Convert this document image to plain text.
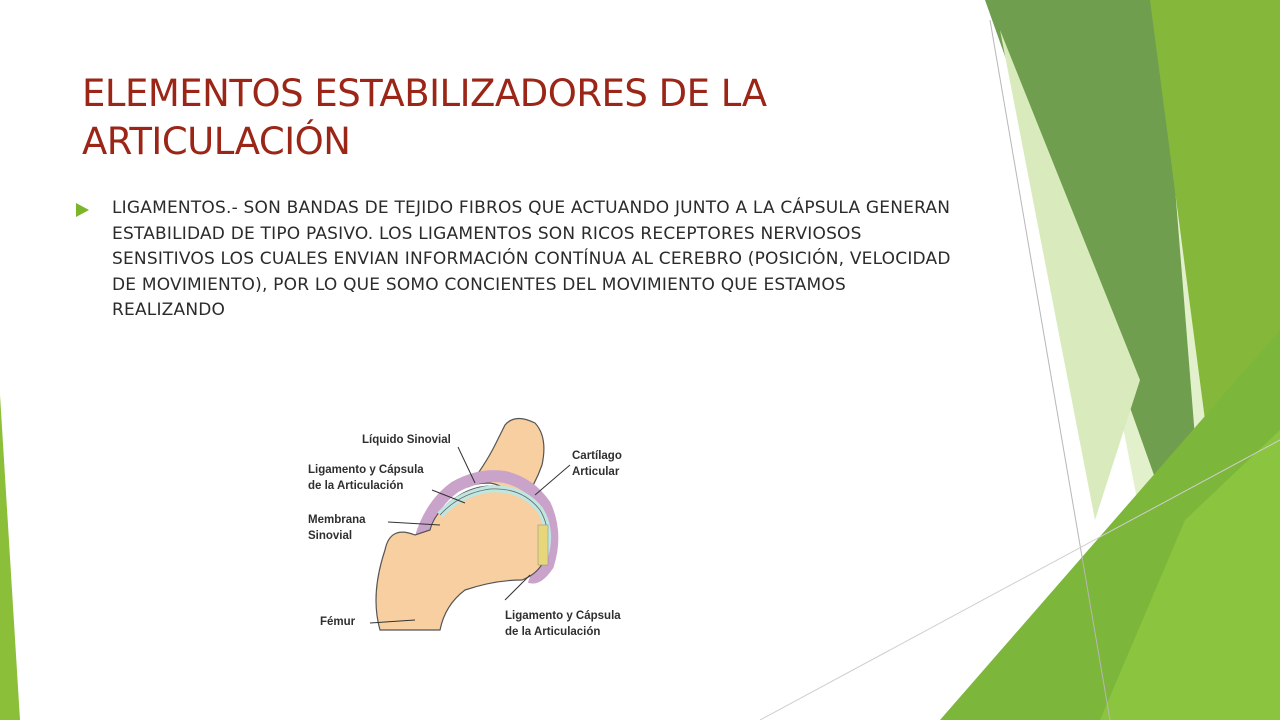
ELEMENTOS ESTABILIZADORES DE LA ARTICULACIÓN
LIGAMENTOS.- SON BANDAS DE TEJIDO FIBROS QUE ACTUANDO JUNTO A LA CÁPSULA GENERAN ESTABILIDAD DE TIPO PASIVO. LOS LIGAMENTOS SON RICOS RECEPTORES NERVIOSOS SENSITIVOS LOS CUALES ENVIAN INFORMACIÓN CONTÍNUA AL CEREBRO (POSICIÓN, VELOCIDAD DE MOVIMIENTO), POR LO QUE SOMO CONCIENTES DEL MOVIMIENTO QUE ESTAMOS REALIZANDO
Líquido Sinovial
Cartílago
Articular
Ligamento y Cápsula
de la Articulación
Membrana
Sinovial
Fémur	Ligamento y Cápsula
de la Articulación
